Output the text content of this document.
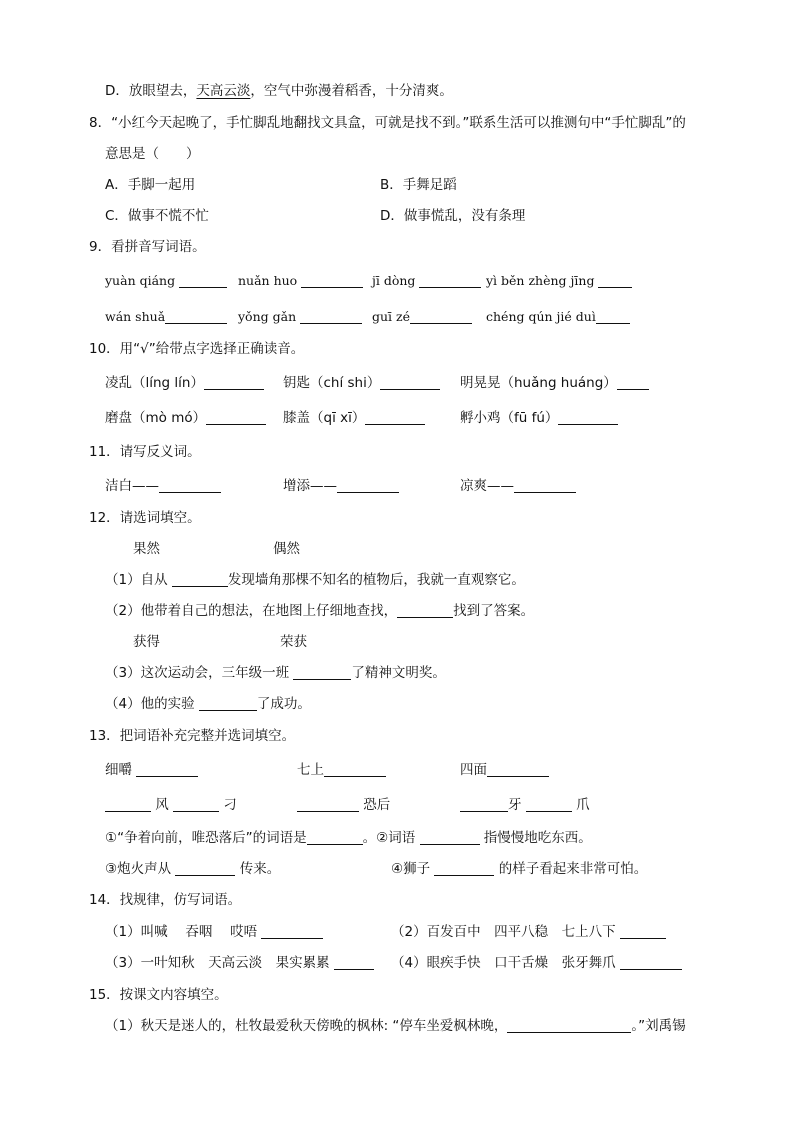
D．放眼望去，天高云淡，空气中弥漫着稻香，十分清爽。
8．“小红今天起晚了，手忙脚乱地翻找文具盒，可就是找不到。”联系生活可以推测句中“手忙脚乱”的
意思是（　　）
A．手脚一起用	B．手舞足蹈
C．做事不慌不忙	D．做事慌乱，没有条理
9．看拼音写词语。
yuàn qiáng	nuǎn huo	jī dòng	yì běn zhèng jīng
wán shuǎ	yǒng gǎn	guī zé	chéng qún jié duì
10．用“√”给带点字选择正确读音。
凌乱（líng lín）	钥匙（chí shi）	明晃晃（huǎng huáng）
磨盘（mò mó）	膝盖（qī xī）	孵小鸡（fū fú）
11．请写反义词。
洁白——	增添——	凉爽——
12．请选词填空。
果然	偶然
（1）自从	发现墙角那棵不知名的植物后，我就一直观察它。
（2）他带着自己的想法，在地图上仔细地查找，	找到了答案。
获得	荣获
（3）这次运动会，三年级一班	了精神文明奖。
（4）他的实验	了成功。
13．把词语补充完整并选词填空。
细嚼	七上	四面
风	刁	恐后	牙	爪
①“争着向前，唯恐落后”的词语是	。②词语	指慢慢地吃东西。
③炮火声从	传来。	④狮子	的样子看起来非常可怕。
14．找规律，仿写词语。
（1）叫喊　 吞咽　 哎唔	（2）百发百中　四平八稳　七上八下
（3）一叶知秋　天高云淡　果实累累	（4）眼疾手快　口干舌燥　张牙舞爪
15．按课文内容填空。
（1）秋天是迷人的，杜牧最爱秋天傍晚的枫林: “停车坐爱枫林晚，	。”刘禹锡
